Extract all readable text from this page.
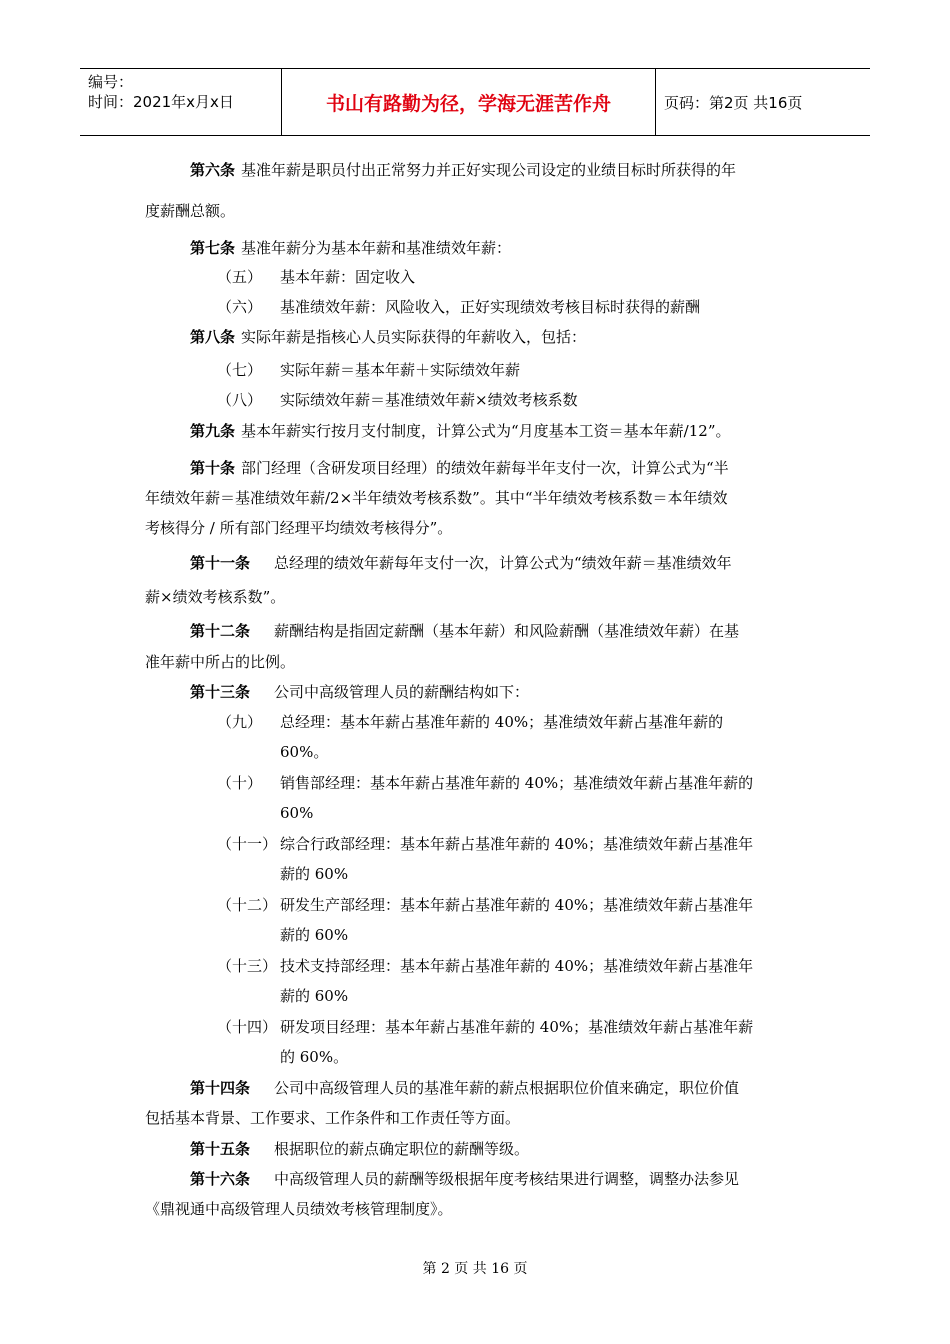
编号：
时间：2021年x月x日	书山有路勤为径，学海无涯苦作舟	页码：第2页 共16页
第六条 基准年薪是职员付出正常努力并正好实现公司设定的业绩目标时所获得的年
度薪酬总额。
第七条 基准年薪分为基本年薪和基准绩效年薪：
（五） 基本年薪：固定收入
（六） 基准绩效年薪：风险收入，正好实现绩效考核目标时获得的薪酬
第八条 实际年薪是指核心人员实际获得的年薪收入，包括：
（七） 实际年薪＝基本年薪＋实际绩效年薪
（八） 实际绩效年薪＝基准绩效年薪×绩效考核系数
第九条 基本年薪实行按月支付制度，计算公式为“月度基本工资＝基本年薪/12”。
第十条 部门经理（含研发项目经理）的绩效年薪每半年支付一次，计算公式为“半
年绩效年薪＝基准绩效年薪/2×半年绩效考核系数”。其中“半年绩效考核系数＝本年绩效
考核得分 / 所有部门经理平均绩效考核得分”。
第十一条 总经理的绩效年薪每年支付一次，计算公式为“绩效年薪＝基准绩效年
薪×绩效考核系数”。
第十二条 薪酬结构是指固定薪酬（基本年薪）和风险薪酬（基准绩效年薪）在基
准年薪中所占的比例。
第十三条 公司中高级管理人员的薪酬结构如下：
（九） 总经理：基本年薪占基准年薪的 40%；基准绩效年薪占基准年薪的
60%。
（十） 销售部经理：基本年薪占基准年薪的 40%；基准绩效年薪占基准年薪的
60%
（十一） 综合行政部经理：基本年薪占基准年薪的 40%；基准绩效年薪占基准年
薪的 60%
（十二） 研发生产部经理：基本年薪占基准年薪的 40%；基准绩效年薪占基准年
薪的 60%
（十三） 技术支持部经理：基本年薪占基准年薪的 40%；基准绩效年薪占基准年
薪的 60%
（十四） 研发项目经理：基本年薪占基准年薪的 40%；基准绩效年薪占基准年薪
的 60%。
第十四条 公司中高级管理人员的基准年薪的薪点根据职位价值来确定，职位价值
包括基本背景、工作要求、工作条件和工作责任等方面。
第十五条 根据职位的薪点确定职位的薪酬等级。
第十六条 中高级管理人员的薪酬等级根据年度考核结果进行调整，调整办法参见
《鼎视通中高级管理人员绩效考核管理制度》。
第 2 页 共 16 页
